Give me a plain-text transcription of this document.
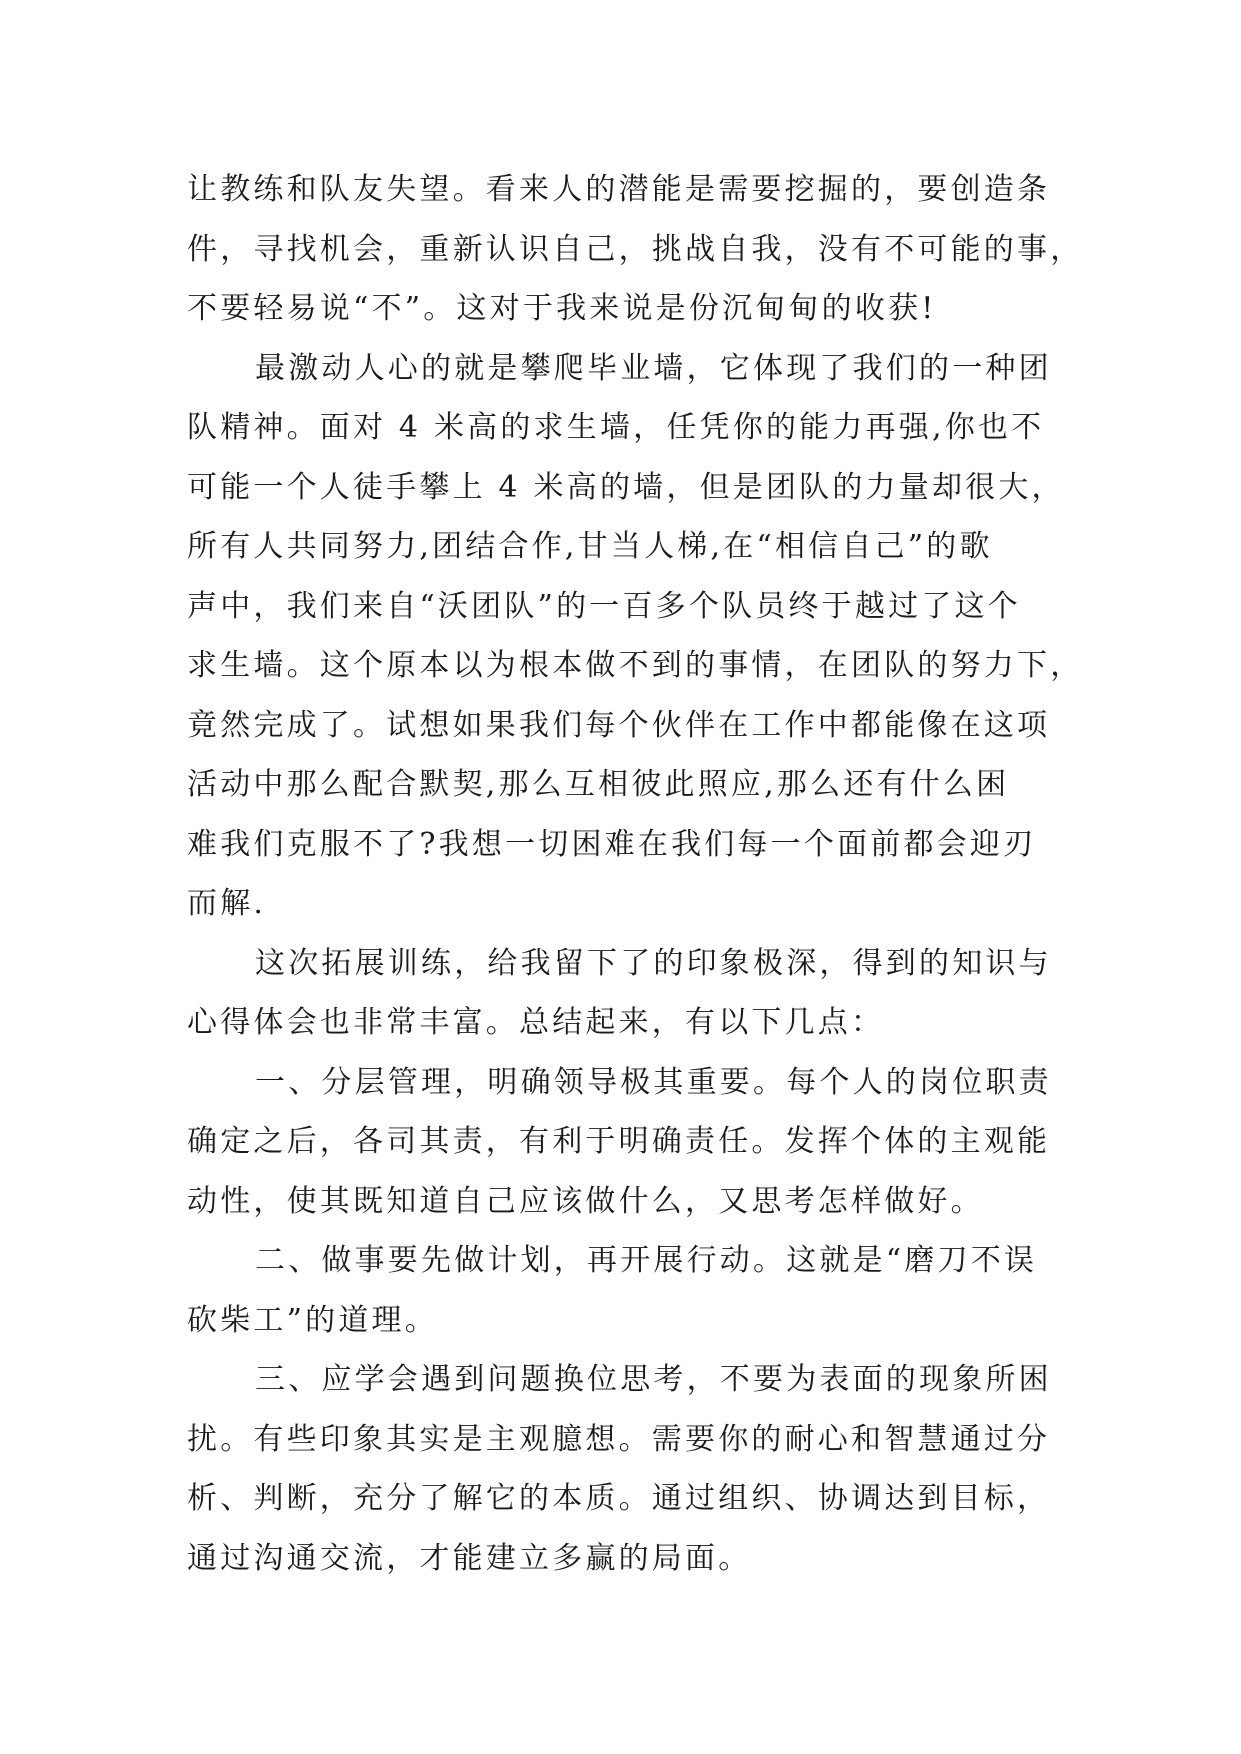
让教练和队友失望。看来人的潜能是需要挖掘的，要创造条
件，寻找机会，重新认识自己，挑战自我，没有不可能的事，
不要轻易说“不”。这对于我来说是份沉甸甸的收获!
最激动人心的就是攀爬毕业墙，它体现了我们的一种团
队精神。面对 4 米高的求生墙，任凭你的能力再强,你也不
可能一个人徒手攀上 4 米高的墙，但是团队的力量却很大，
所有人共同努力,团结合作,甘当人梯,在“相信自己”的歌
声中，我们来自“沃团队”的一百多个队员终于越过了这个
求生墙。这个原本以为根本做不到的事情，在团队的努力下，
竟然完成了。试想如果我们每个伙伴在工作中都能像在这项
活动中那么配合默契,那么互相彼此照应,那么还有什么困
难我们克服不了?我想一切困难在我们每一个面前都会迎刃
而解.
这次拓展训练，给我留下了的印象极深，得到的知识与
心得体会也非常丰富。总结起来，有以下几点：
一、分层管理，明确领导极其重要。每个人的岗位职责
确定之后，各司其责，有利于明确责任。发挥个体的主观能
动性，使其既知道自己应该做什么，又思考怎样做好。
二、做事要先做计划，再开展行动。这就是“磨刀不误
砍柴工”的道理。
三、应学会遇到问题换位思考，不要为表面的现象所困
扰。有些印象其实是主观臆想。需要你的耐心和智慧通过分
析、判断，充分了解它的本质。通过组织、协调达到目标，
通过沟通交流，才能建立多赢的局面。
